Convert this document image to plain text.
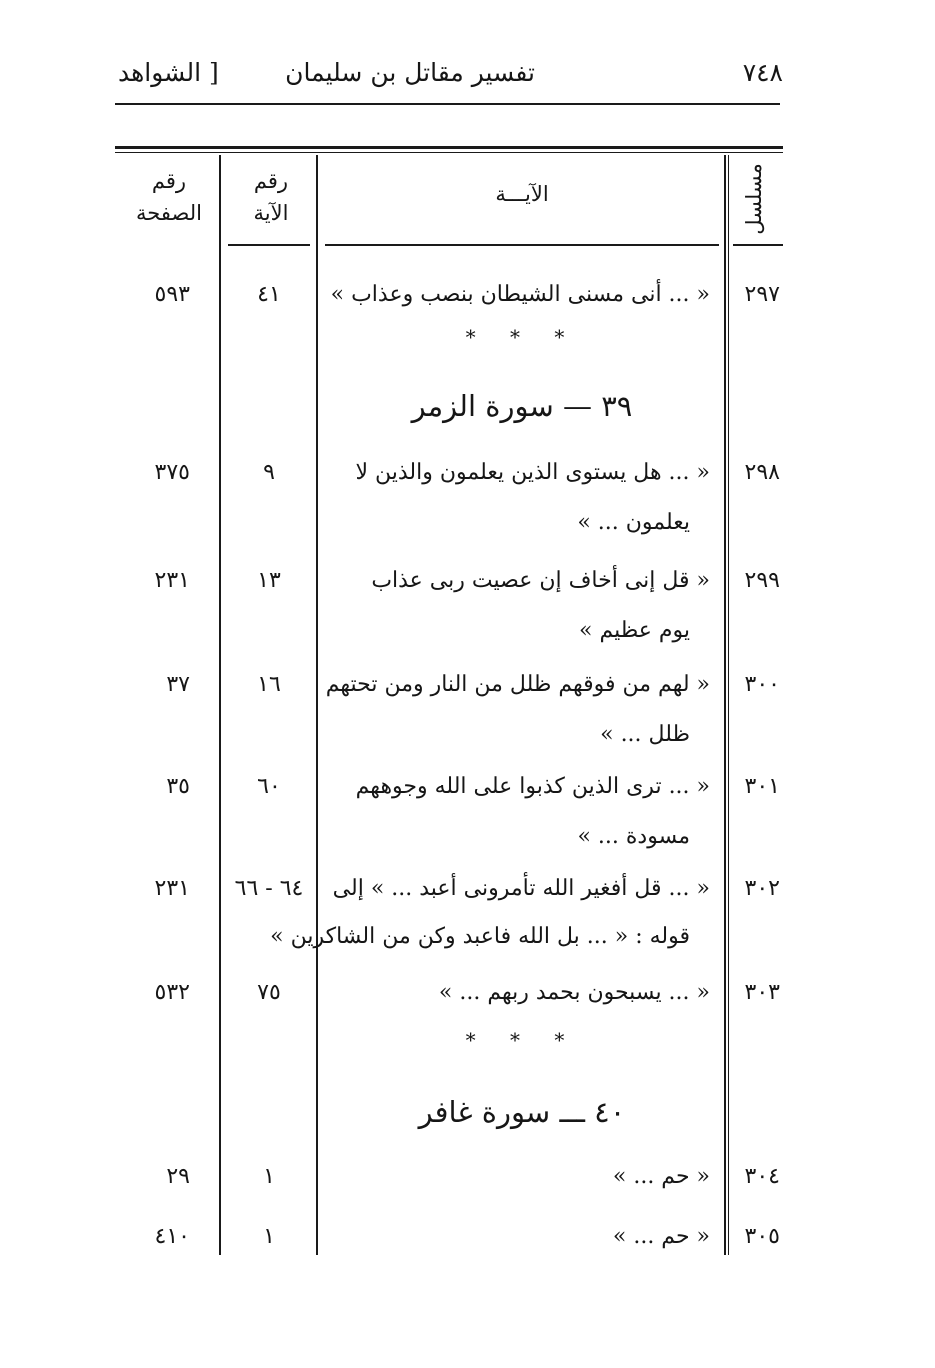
٧٤٨
تفسير مقاتل بن سليمان
[ الشواهد
رقم الصفحة
رقم الآية
الآيـــة	مسلسل
٢٩٧
« ... أنى مسنى الشيطان بنصب وعذاب »
٤١
٥٩٣
* * *
٣٩ — سورة الزمر
٢٩٨
« ... هل يستوى الذين يعلمون والذين لا
يعلمون ... »
٩
٣٧٥
٢٩٩
« قل إنى أخاف إن عصيت ربى عذاب
يوم عظيم »
١٣
٢٣١
٣٠٠
« لهم من فوقهم ظلل من النار ومن تحتهم
ظلل ... »
١٦
٣٧
٣٠١
« ... ترى الذين كذبوا على الله وجوههم
مسودة ... »
٦٠
٣٥
٣٠٢
« ... قل أفغير الله تأمرونى أعبد ... » إلى
قوله : « ... بل الله فاعبد وكن من الشاكرين »
٦٤ - ٦٦
٢٣١
٣٠٣
« ... يسبحون بحمد ربهم ... »
٧٥
٥٣٢
* * *
٤٠ ـــ سورة غافر
٣٠٤
« حم ... »
١
٢٩
٣٠٥
« حم ... »
١
٤١٠
